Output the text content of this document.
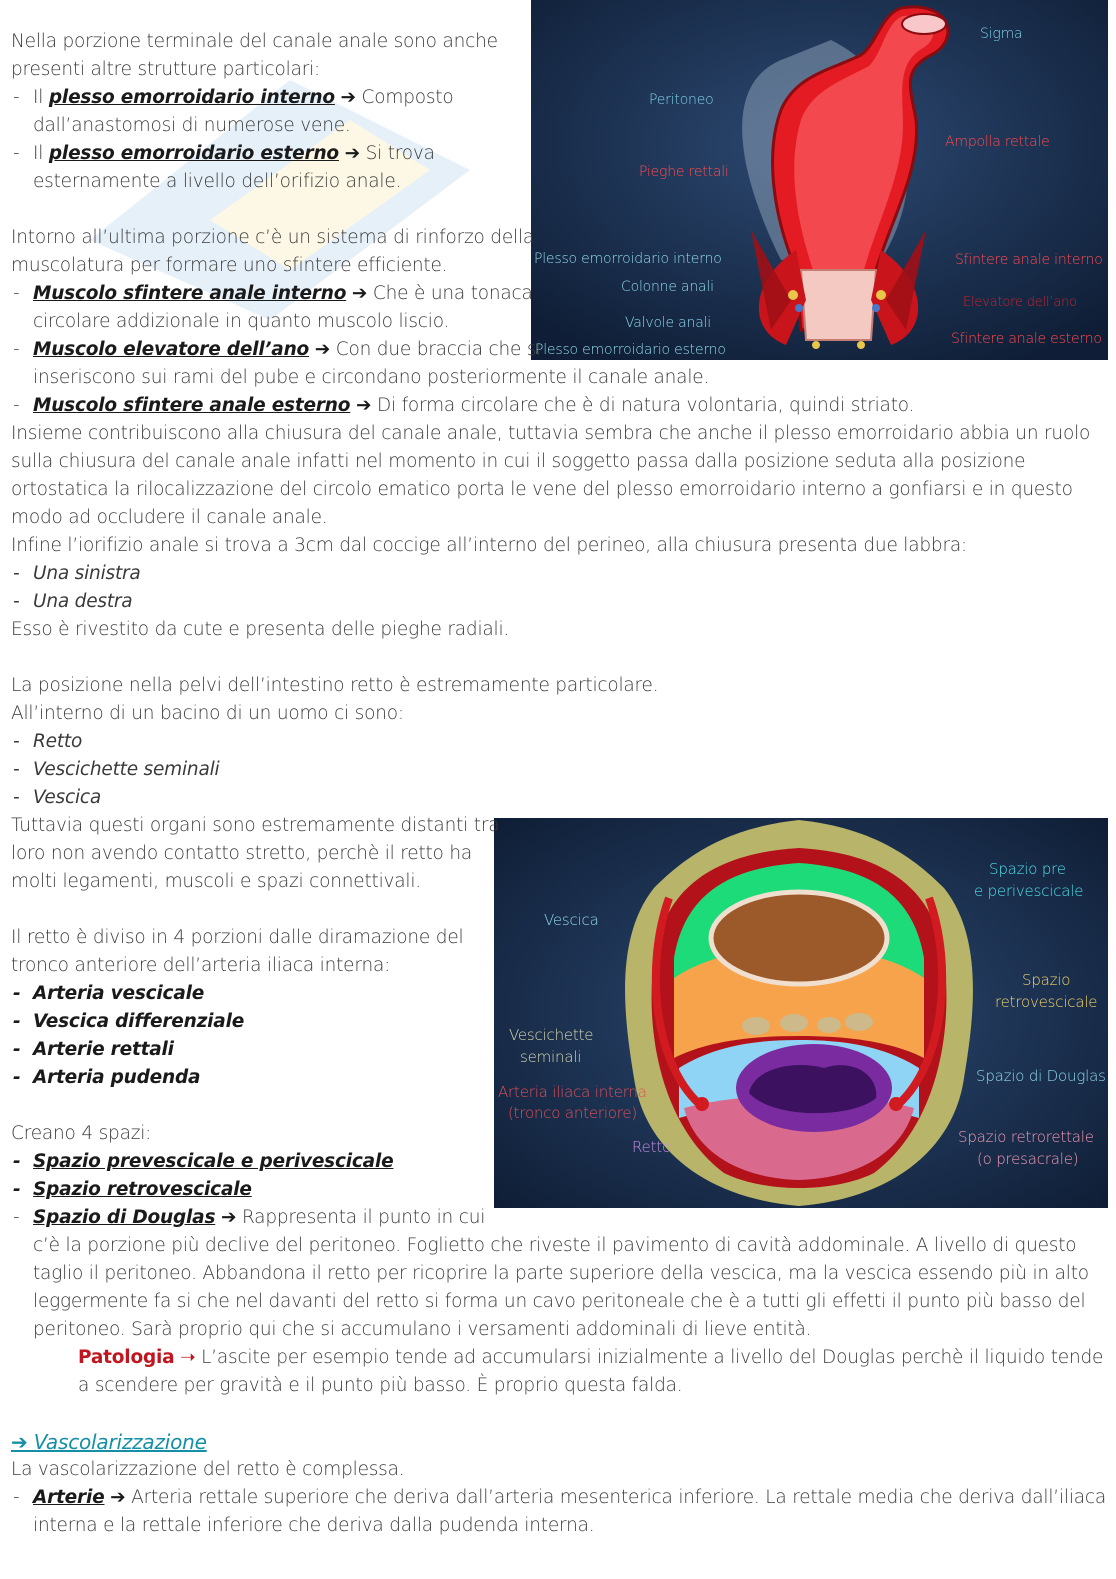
Sigma
Peritoneo
Ampolla rettale
Pieghe rettali
Plesso emorroidario interno	Sfintere anale interno
Colonne anali
Elevatore dell’ano
Valvole anali
Sfintere anale esterno
Plesso emorroidario esterno
Vescica
Spazio pre
e perivescicale
Spazio
retrovescicale
Vescichette
seminali
Spazio di Douglas
Arteria iliaca interna
(tronco anteriore)
Retto
Spazio retrorettale
(o presacrale)
Nella porzione terminale del canale anale sono anche
presenti altre strutture particolari:
- Il plesso emorroidario interno ➔ Composto
dall’anastomosi di numerose vene.
- Il plesso emorroidario esterno ➔ Si trova
esternamente a livello dell’orifizio anale.

Intorno all’ultima porzione c’è un sistema di rinforzo della
muscolatura per formare uno sfintere efficiente.
- Muscolo sfintere anale interno ➔ Che è una tonaca
circolare addizionale in quanto muscolo liscio.
- Muscolo elevatore dell’ano ➔ Con due braccia che si
inseriscono sui rami del pube e circondano posteriormente il canale anale.
- Muscolo sfintere anale esterno ➔ Di forma circolare che è di natura volontaria, quindi striato.
Insieme contribuiscono alla chiusura del canale anale, tuttavia sembra che anche il plesso emorroidario abbia un ruolo
sulla chiusura del canale anale infatti nel momento in cui il soggetto passa dalla posizione seduta alla posizione
ortostatica la rilocalizzazione del circolo ematico porta le vene del plesso emorroidario interno a gonfiarsi e in questo
modo ad occludere il canale anale.
Infine l’iorifizio anale si trova a 3cm dal coccige all’interno del perineo, alla chiusura presenta due labbra:
- Una sinistra
- Una destra
Esso è rivestito da cute e presenta delle pieghe radiali.

La posizione nella pelvi dell’intestino retto è estremamente particolare.
All’interno di un bacino di un uomo ci sono:
- Retto
- Vescichette seminali
- Vescica
Tuttavia questi organi sono estremamente distanti tra
loro non avendo contatto stretto, perchè il retto ha
molti legamenti, muscoli e spazi connettivali.

Il retto è diviso in 4 porzioni dalle diramazione del
tronco anteriore dell’arteria iliaca interna:
- Arteria vescicale
- Vescica differenziale
- Arterie rettali
- Arteria pudenda

Creano 4 spazi:
- Spazio prevescicale e perivescicale
- Spazio retrovescicale
- Spazio di Douglas ➔ Rappresenta il punto in cui
c’è la porzione più declive del peritoneo. Foglietto che riveste il pavimento di cavità addominale. A livello di questo
taglio il peritoneo. Abbandona il retto per ricoprire la parte superiore della vescica, ma la vescica essendo più in alto
leggermente fa si che nel davanti del retto si forma un cavo peritoneale che è a tutti gli effetti il punto più basso del
peritoneo. Sarà proprio qui che si accumulano i versamenti addominali di lieve entità.
Patologia ➝ L’ascite per esempio tende ad accumularsi inizialmente a livello del Douglas perchè il liquido tende
a scendere per gravità e il punto più basso. È proprio questa falda.

➔ Vascolarizzazione
La vascolarizzazione del retto è complessa.
- Arterie ➔ Arteria rettale superiore che deriva dall’arteria mesenterica inferiore. La rettale media che deriva dall’iliaca
interna e la rettale inferiore che deriva dalla pudenda interna.
